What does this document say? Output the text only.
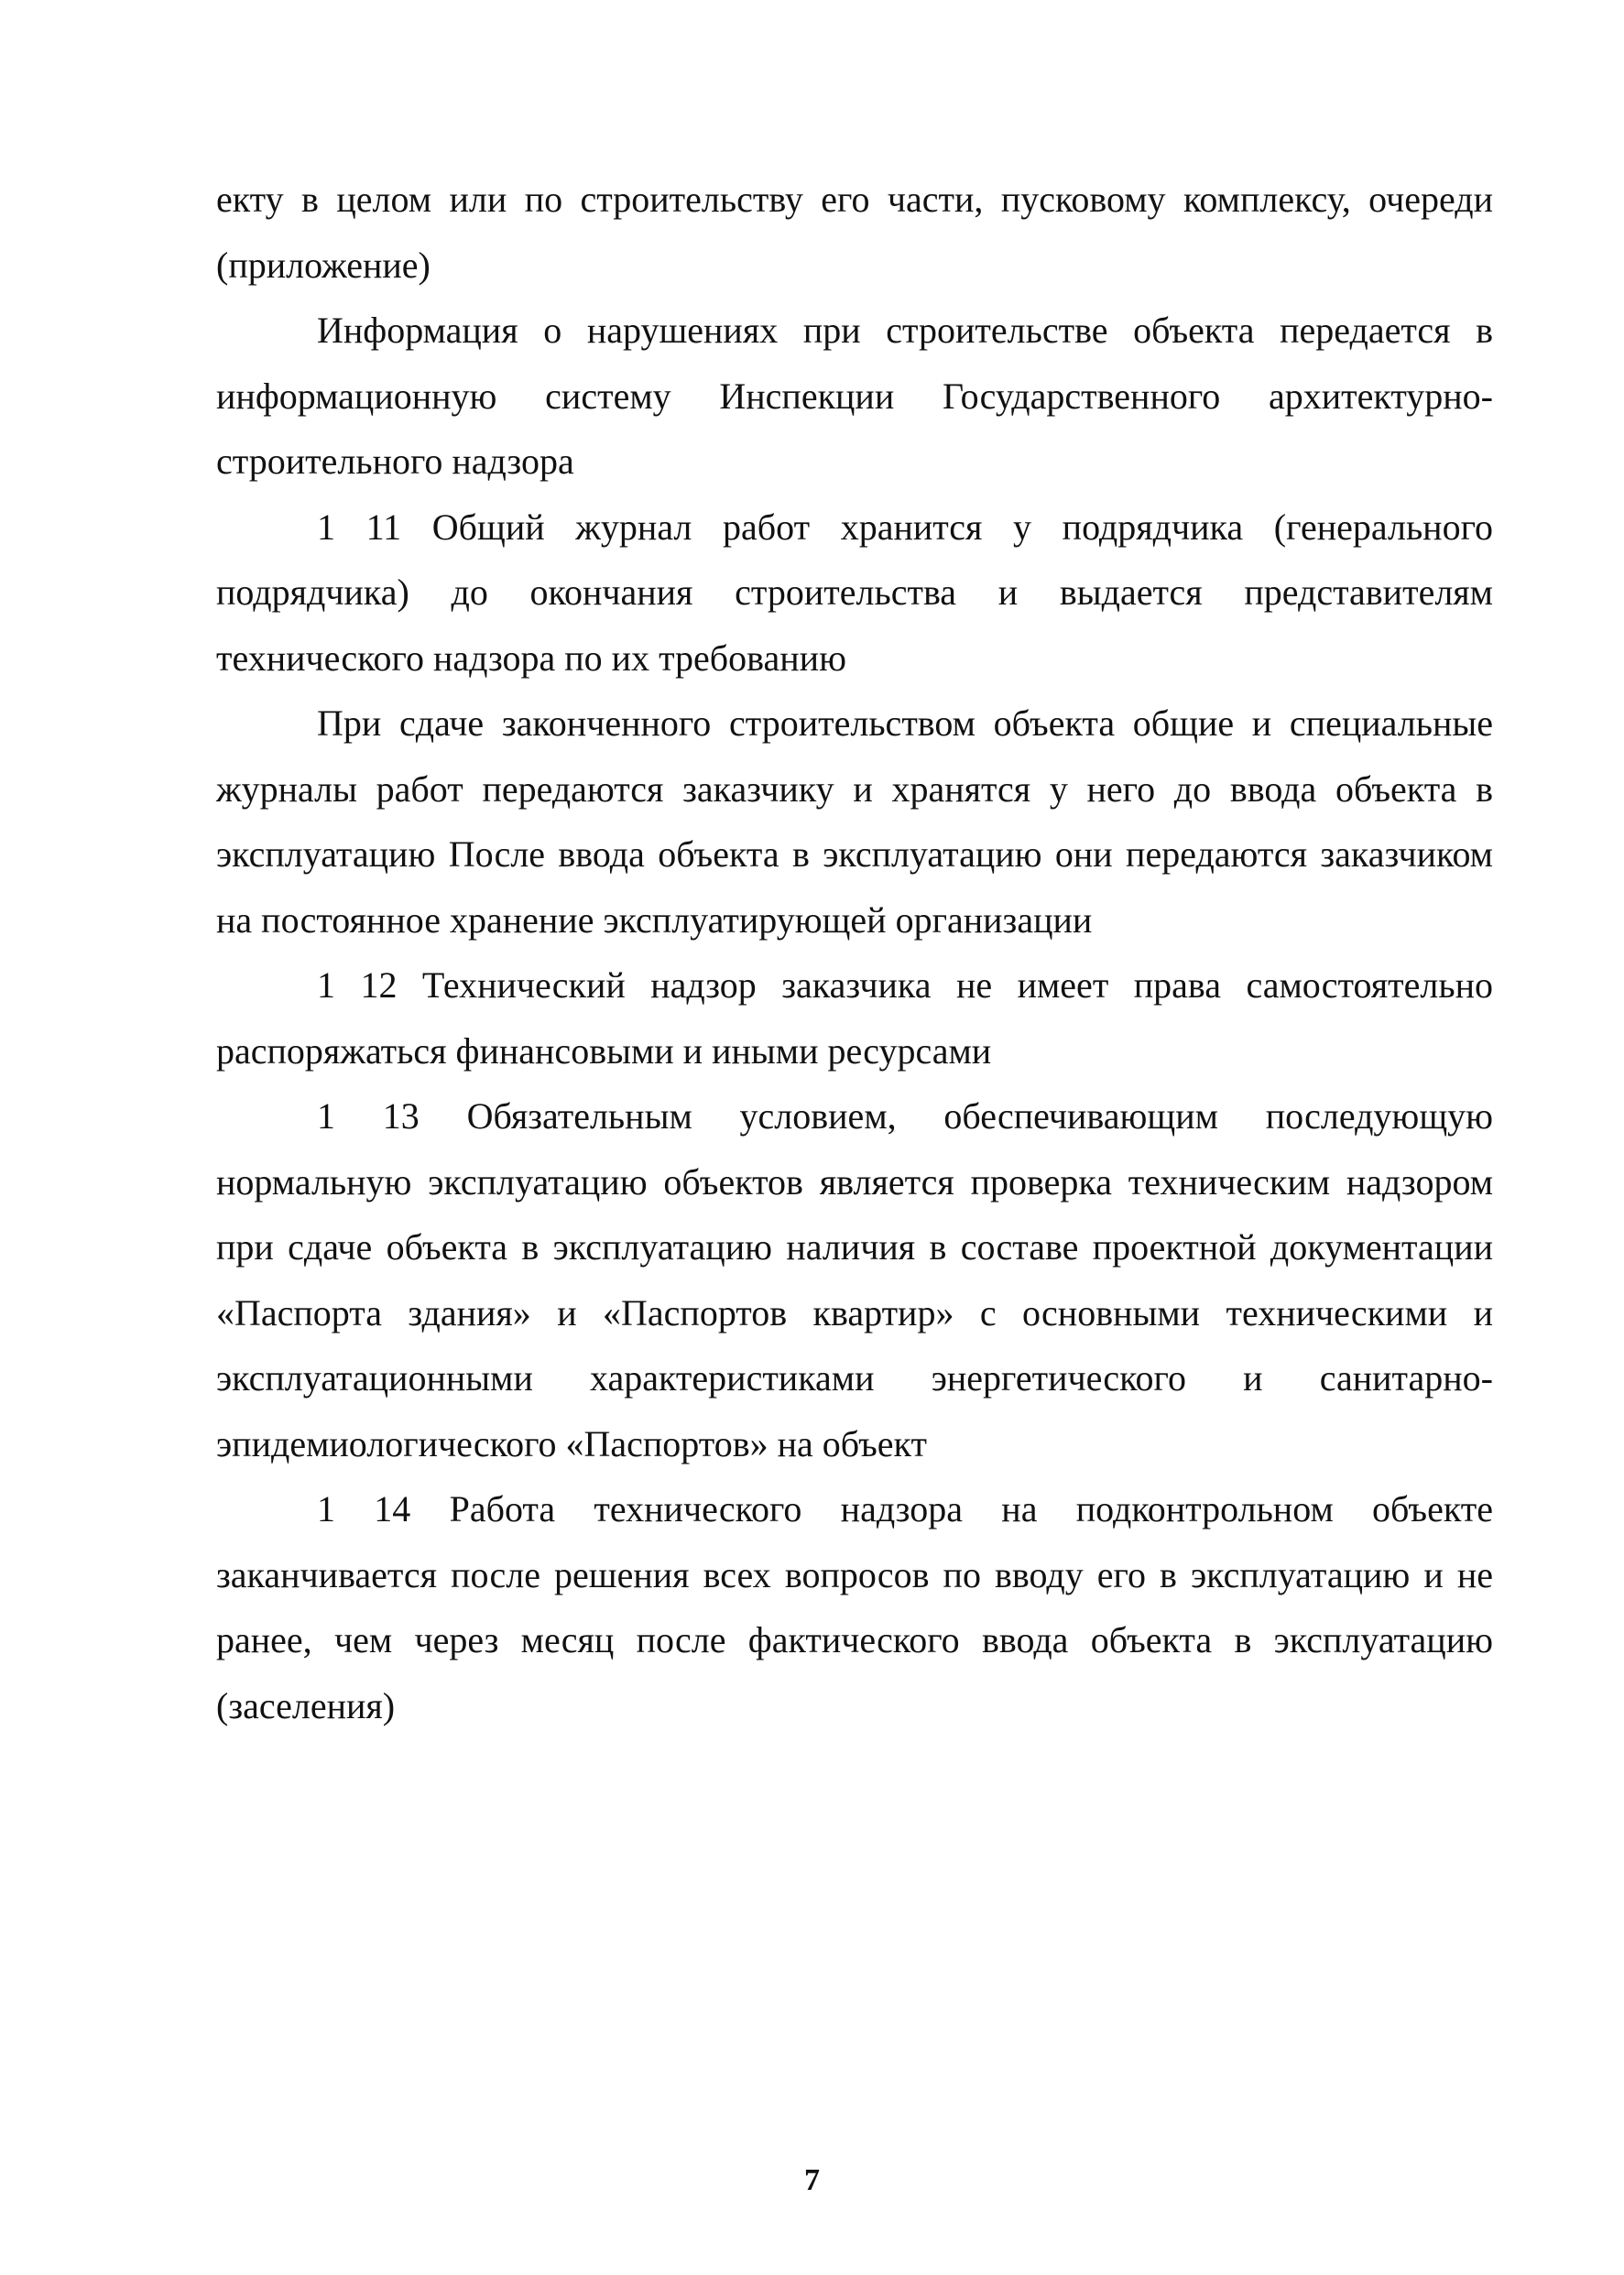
екту в целом или по строительству его части, пусковому комплексу, очереди (приложение)

Информация о нарушениях при строительстве объекта передается в информационную систему Инспекции Государственного архитектурно-строительного надзора

1 11 Общий журнал работ хранится у подрядчика (генерального подрядчика) до окончания строительства и выдается представителям технического надзора по их требованию

При сдаче законченного строительством объекта общие и специальные журналы работ передаются заказчику и хранятся у него до ввода объекта в эксплуатацию После ввода объекта в эксплуатацию они передаются заказчиком на постоянное хранение эксплуатирующей организации

1 12 Технический надзор заказчика не имеет права самостоятельно распоряжаться финансовыми и иными ресурсами

1 13 Обязательным условием, обеспечивающим последующую нормальную эксплуатацию объектов является проверка техническим надзором при сдаче объекта в эксплуатацию наличия в составе проектной документации «Паспорта здания» и «Паспортов квартир» с основными техническими и эксплуатационными характеристиками энергетического и санитарно-эпидемиологического «Паспортов» на объект

1 14 Работа технического надзора на подконтрольном объекте заканчивается после решения всех вопросов по вводу его в эксплуатацию и не ранее, чем через месяц после фактического ввода объекта в эксплуатацию (заселения)

7
